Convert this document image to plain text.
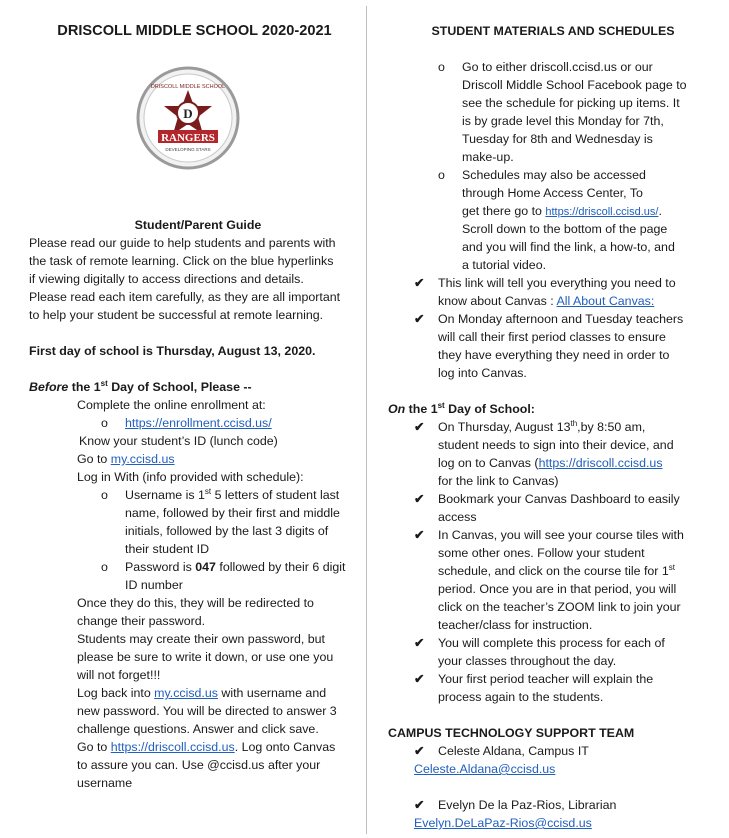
DRISCOLL MIDDLE SCHOOL 2020-2021
DRISCOLL MIDDLE SCHOOL
D
RANGERS
DEVELOPING STARS
Student/Parent Guide
Please read our guide to help students and parents with
the task of remote learning. Click on the blue hyperlinks
if viewing digitally to access directions and details.
Please read each item carefully, as they are all important
to help your student be successful at remote learning.
First day of school is Thursday, August 13, 2020.
Before the 1st Day of School, Please --
Complete the online enrollment at:
o https://enrollment.ccisd.us/
Know your student’s ID (lunch code)
Go to my.ccisd.us
Log in With (info provided with schedule):
o Username is 1st 5 letters of student last
name, followed by their first and middle
initials, followed by the last 3 digits of
their student ID
o Password is 047 followed by their 6 digit
ID number
Once they do this, they will be redirected to
change their password.
Students may create their own password, but
please be sure to write it down, or use one you
will not forget!!!
Log back into my.ccisd.us with username and
new password. You will be directed to answer 3
challenge questions. Answer and click save.
Go to https://driscoll.ccisd.us. Log onto Canvas
to assure you can. Use @ccisd.us after your
username
STUDENT MATERIALS AND SCHEDULES
o Go to either driscoll.ccisd.us or our
Driscoll Middle School Facebook page to
see the schedule for picking up items. It
is by grade level this Monday for 7th,
Tuesday for 8th and Wednesday is
make-up.
o Schedules may also be accessed
through Home Access Center, To
get there go to https://driscoll.ccisd.us/.
Scroll down to the bottom of the page
and you will find the link, a how-to, and
a tutorial video.
✔	This link will tell you everything you need to
know about Canvas : All About Canvas:
✔	On Monday afternoon and Tuesday teachers
will call their first period classes to ensure
they have everything they need in order to
log into Canvas.
On the 1st Day of School:
✔	On Thursday, August 13th,by 8:50 am,
student needs to sign into their device, and
log on to Canvas (https://driscoll.ccisd.us
for the link to Canvas)
✔	Bookmark your Canvas Dashboard to easily
access
✔	In Canvas, you will see your course tiles with
some other ones. Follow your student
schedule, and click on the course tile for 1st
period. Once you are in that period, you will
click on the teacher’s ZOOM link to join your
teacher/class for instruction.
✔	You will complete this process for each of
your classes throughout the day.
✔	Your first period teacher will explain the
process again to the students.
CAMPUS TECHNOLOGY SUPPORT TEAM
✔	Celeste Aldana, Campus IT
Celeste.Aldana@ccisd.us
✔	Evelyn De la Paz-Rios, Librarian
Evelyn.DeLaPaz-Rios@ccisd.us
